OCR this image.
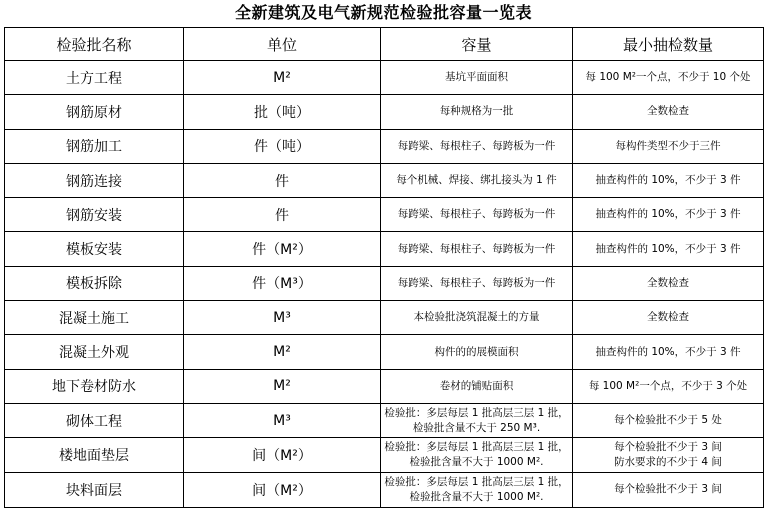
全新建筑及电气新规范检验批容量一览表
检验批名称	单位	容量	最小抽检数量
土方工程	M²	基坑平面面积	每 100 M²一个点，不少于 10 个处

钢筋原材	批（吨）	每种规格为一批	全数检查

钢筋加工	件（吨）	每跨梁、每根柱子、每跨板为一件	每构件类型不少于三件

钢筋连接	件	每个机械、焊接、绑扎接头为 1 件	抽查构件的 10%，不少于 3 件

钢筋安装	件	每跨梁、每根柱子、每跨板为一件	抽查构件的 10%，不少于 3 件

模板安装	件（M²）	每跨梁、每根柱子、每跨板为一件	抽查构件的 10%，不少于 3 件

模板拆除	件（M³）	每跨梁、每根柱子、每跨板为一件	全数检查

混凝土施工	M³	本检验批浇筑混凝土的方量	全数检查

混凝土外观	M²	构件的的展模面积	抽查构件的 10%，不少于 3 件

地下卷材防水	M²	卷材的铺贴面积	每 100 M²一个点，不少于 3 个处

砌体工程	M³	检验批：多层每层 1 批高层三层 1 批，
检验批含量不大于 250 M³.	每个检验批不少于 5 处

楼地面垫层	间（M²）	检验批：多层每层 1 批高层三层 1 批，
检验批含量不大于 1000 M².	每个检验批不少于 3 间
防水要求的不少于 4 间

块料面层	间（M²）	检验批：多层每层 1 批高层三层 1 批，
检验批含量不大于 1000 M².	每个检验批不少于 3 间
